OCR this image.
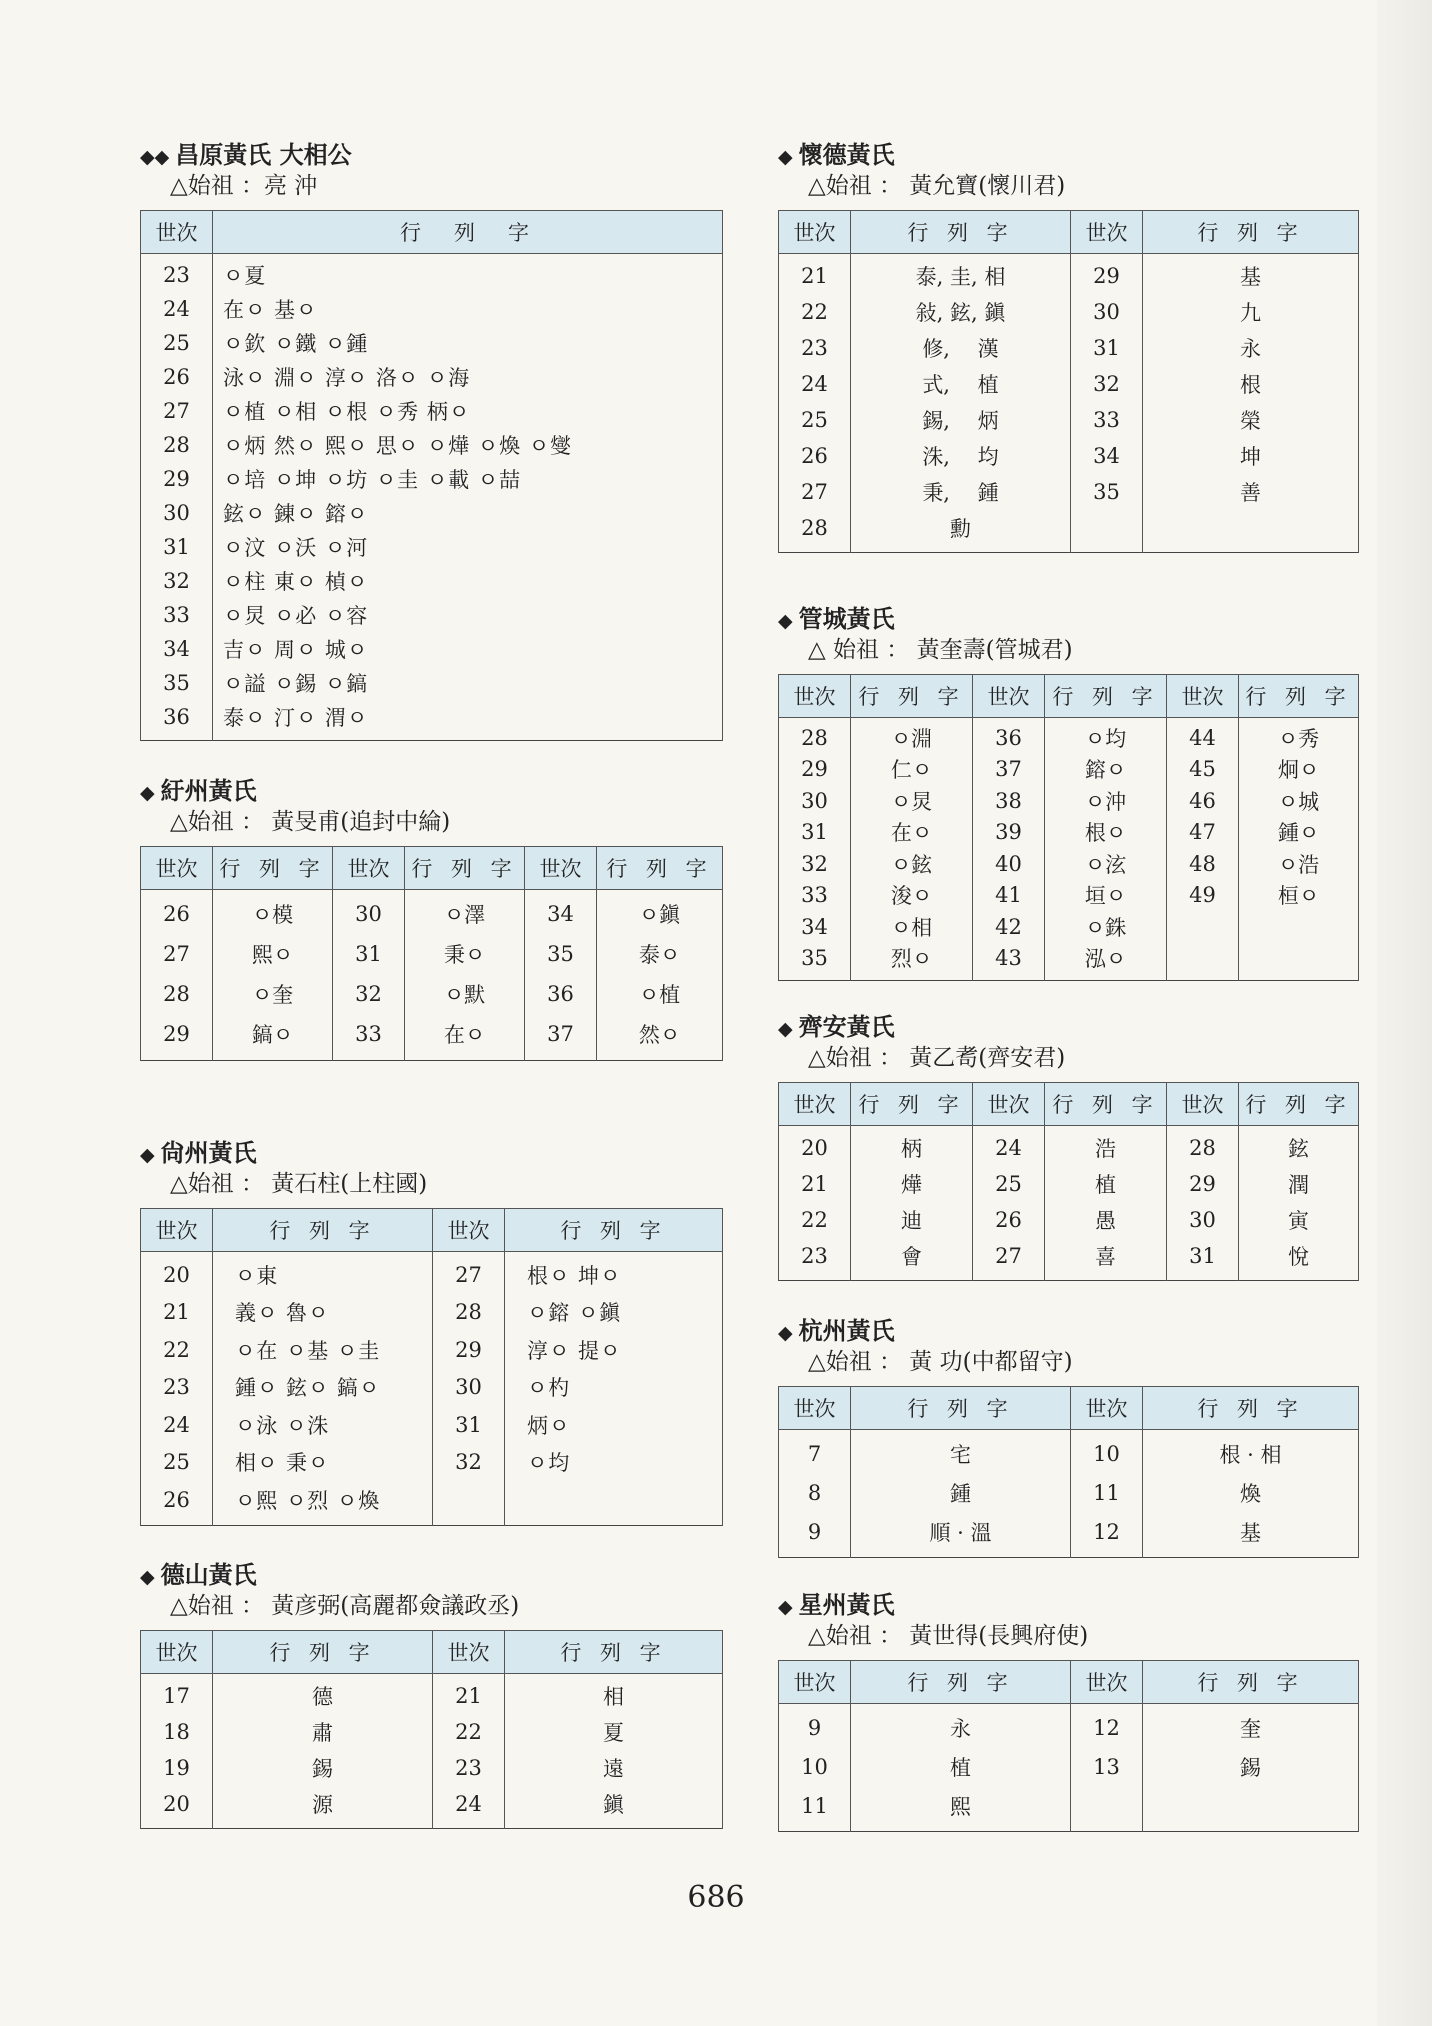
◆◆ 昌原黃氏 大相公
△始祖 ：亮 沖
世次	行　列　字
23	ㅇ夏
24	在ㅇ 基ㅇ
25	ㅇ欽 ㅇ鐵 ㅇ鍾
26	泳ㅇ 淵ㅇ 淳ㅇ 洛ㅇ ㅇ海
27	ㅇ植 ㅇ相 ㅇ根 ㅇ秀 柄ㅇ
28	ㅇ炳 然ㅇ 熙ㅇ 思ㅇ ㅇ燁 ㅇ煥 ㅇ燮
29	ㅇ培 ㅇ坤 ㅇ坊 ㅇ圭 ㅇ載 ㅇ喆
30	鉉ㅇ 錬ㅇ 鎔ㅇ
31	ㅇ汶 ㅇ沃 ㅇ河
32	ㅇ柱 東ㅇ 楨ㅇ
33	ㅇ炅 ㅇ必 ㅇ容
34	吉ㅇ 周ㅇ 城ㅇ
35	ㅇ謚 ㅇ錫 ㅇ鎬
36	泰ㅇ 汀ㅇ 渭ㅇ
◆ 紆州黃氏
△始祖 ： 黃旻甫(追封中綸)
世次	行 列 字	世次	行 列 字	世次	行 列 字
26	ㅇ模	30	ㅇ澤	34	ㅇ鎭
27	熙ㅇ	31	秉ㅇ	35	泰ㅇ
28	ㅇ奎	32	ㅇ默	36	ㅇ植
29	鎬ㅇ	33	在ㅇ	37	然ㅇ
◆ 尙州黃氏
△始祖 ： 黃石柱(上柱國)
世次	行 列 字	世次	行 列 字
20	ㅇ東	27	根ㅇ 坤ㅇ
21	義ㅇ 魯ㅇ	28	ㅇ鎔 ㅇ鎭
22	ㅇ在 ㅇ基 ㅇ圭	29	淳ㅇ 提ㅇ
23	鍾ㅇ 鉉ㅇ 鎬ㅇ	30	ㅇ杓
24	ㅇ泳 ㅇ洙	31	炳ㅇ
25	相ㅇ 秉ㅇ	32	ㅇ均
26	ㅇ熙 ㅇ烈 ㅇ煥		
◆ 德山黃氏
△始祖 ： 黃彦弼(高麗都僉議政丞)
世次	行 列 字	世次	行 列 字
17	德	21	相
18	肅	22	夏
19	錫	23	遠
20	源	24	鎭
◆ 懷德黃氏
△始祖 ： 黃允寶(懷川君)
世次	行 列 字	世次	行 列 字
21	泰, 圭, 相	29	基
22	敍, 鉉, 鎭	30	九
23	修,　 漢	31	永
24	式,　 植	32	根
25	錫,　 炳	33	榮
26	洙,　 均	34	坤
27	秉,　 鍾	35	善
28	勳		
◆ 管城黃氏
△ 始祖 ： 黃奎壽(管城君)
世次	行 列 字	世次	行 列 字	世次	行 列 字
28	ㅇ淵	36	ㅇ均	44	ㅇ秀
29	仁ㅇ	37	鎔ㅇ	45	炯ㅇ
30	ㅇ炅	38	ㅇ沖	46	ㅇ城
31	在ㅇ	39	根ㅇ	47	鍾ㅇ
32	ㅇ鉉	40	ㅇ泫	48	ㅇ浩
33	浚ㅇ	41	垣ㅇ	49	桓ㅇ
34	ㅇ相	42	ㅇ銖		
35	烈ㅇ	43	泓ㅇ		
◆ 齊安黃氏
△始祖 ： 黃乙耉(齊安君)
世次	行 列 字	世次	行 列 字	世次	行 列 字
20	柄	24	浩	28	鉉
21	燁	25	植	29	潤
22	迪	26	愚	30	寅
23	會	27	喜	31	悅
◆ 杭州黃氏
△始祖 ： 黃 功(中都留守)
世次	行 列 字	世次	行 列 字
7	宅	10	根 · 相
8	鍾	11	煥
9	順 · 溫	12	基
◆ 星州黃氏
△始祖 ： 黃世得(長興府使)
世次	行 列 字	世次	行 列 字
9	永	12	奎
10	植	13	錫
11	熙		
686
